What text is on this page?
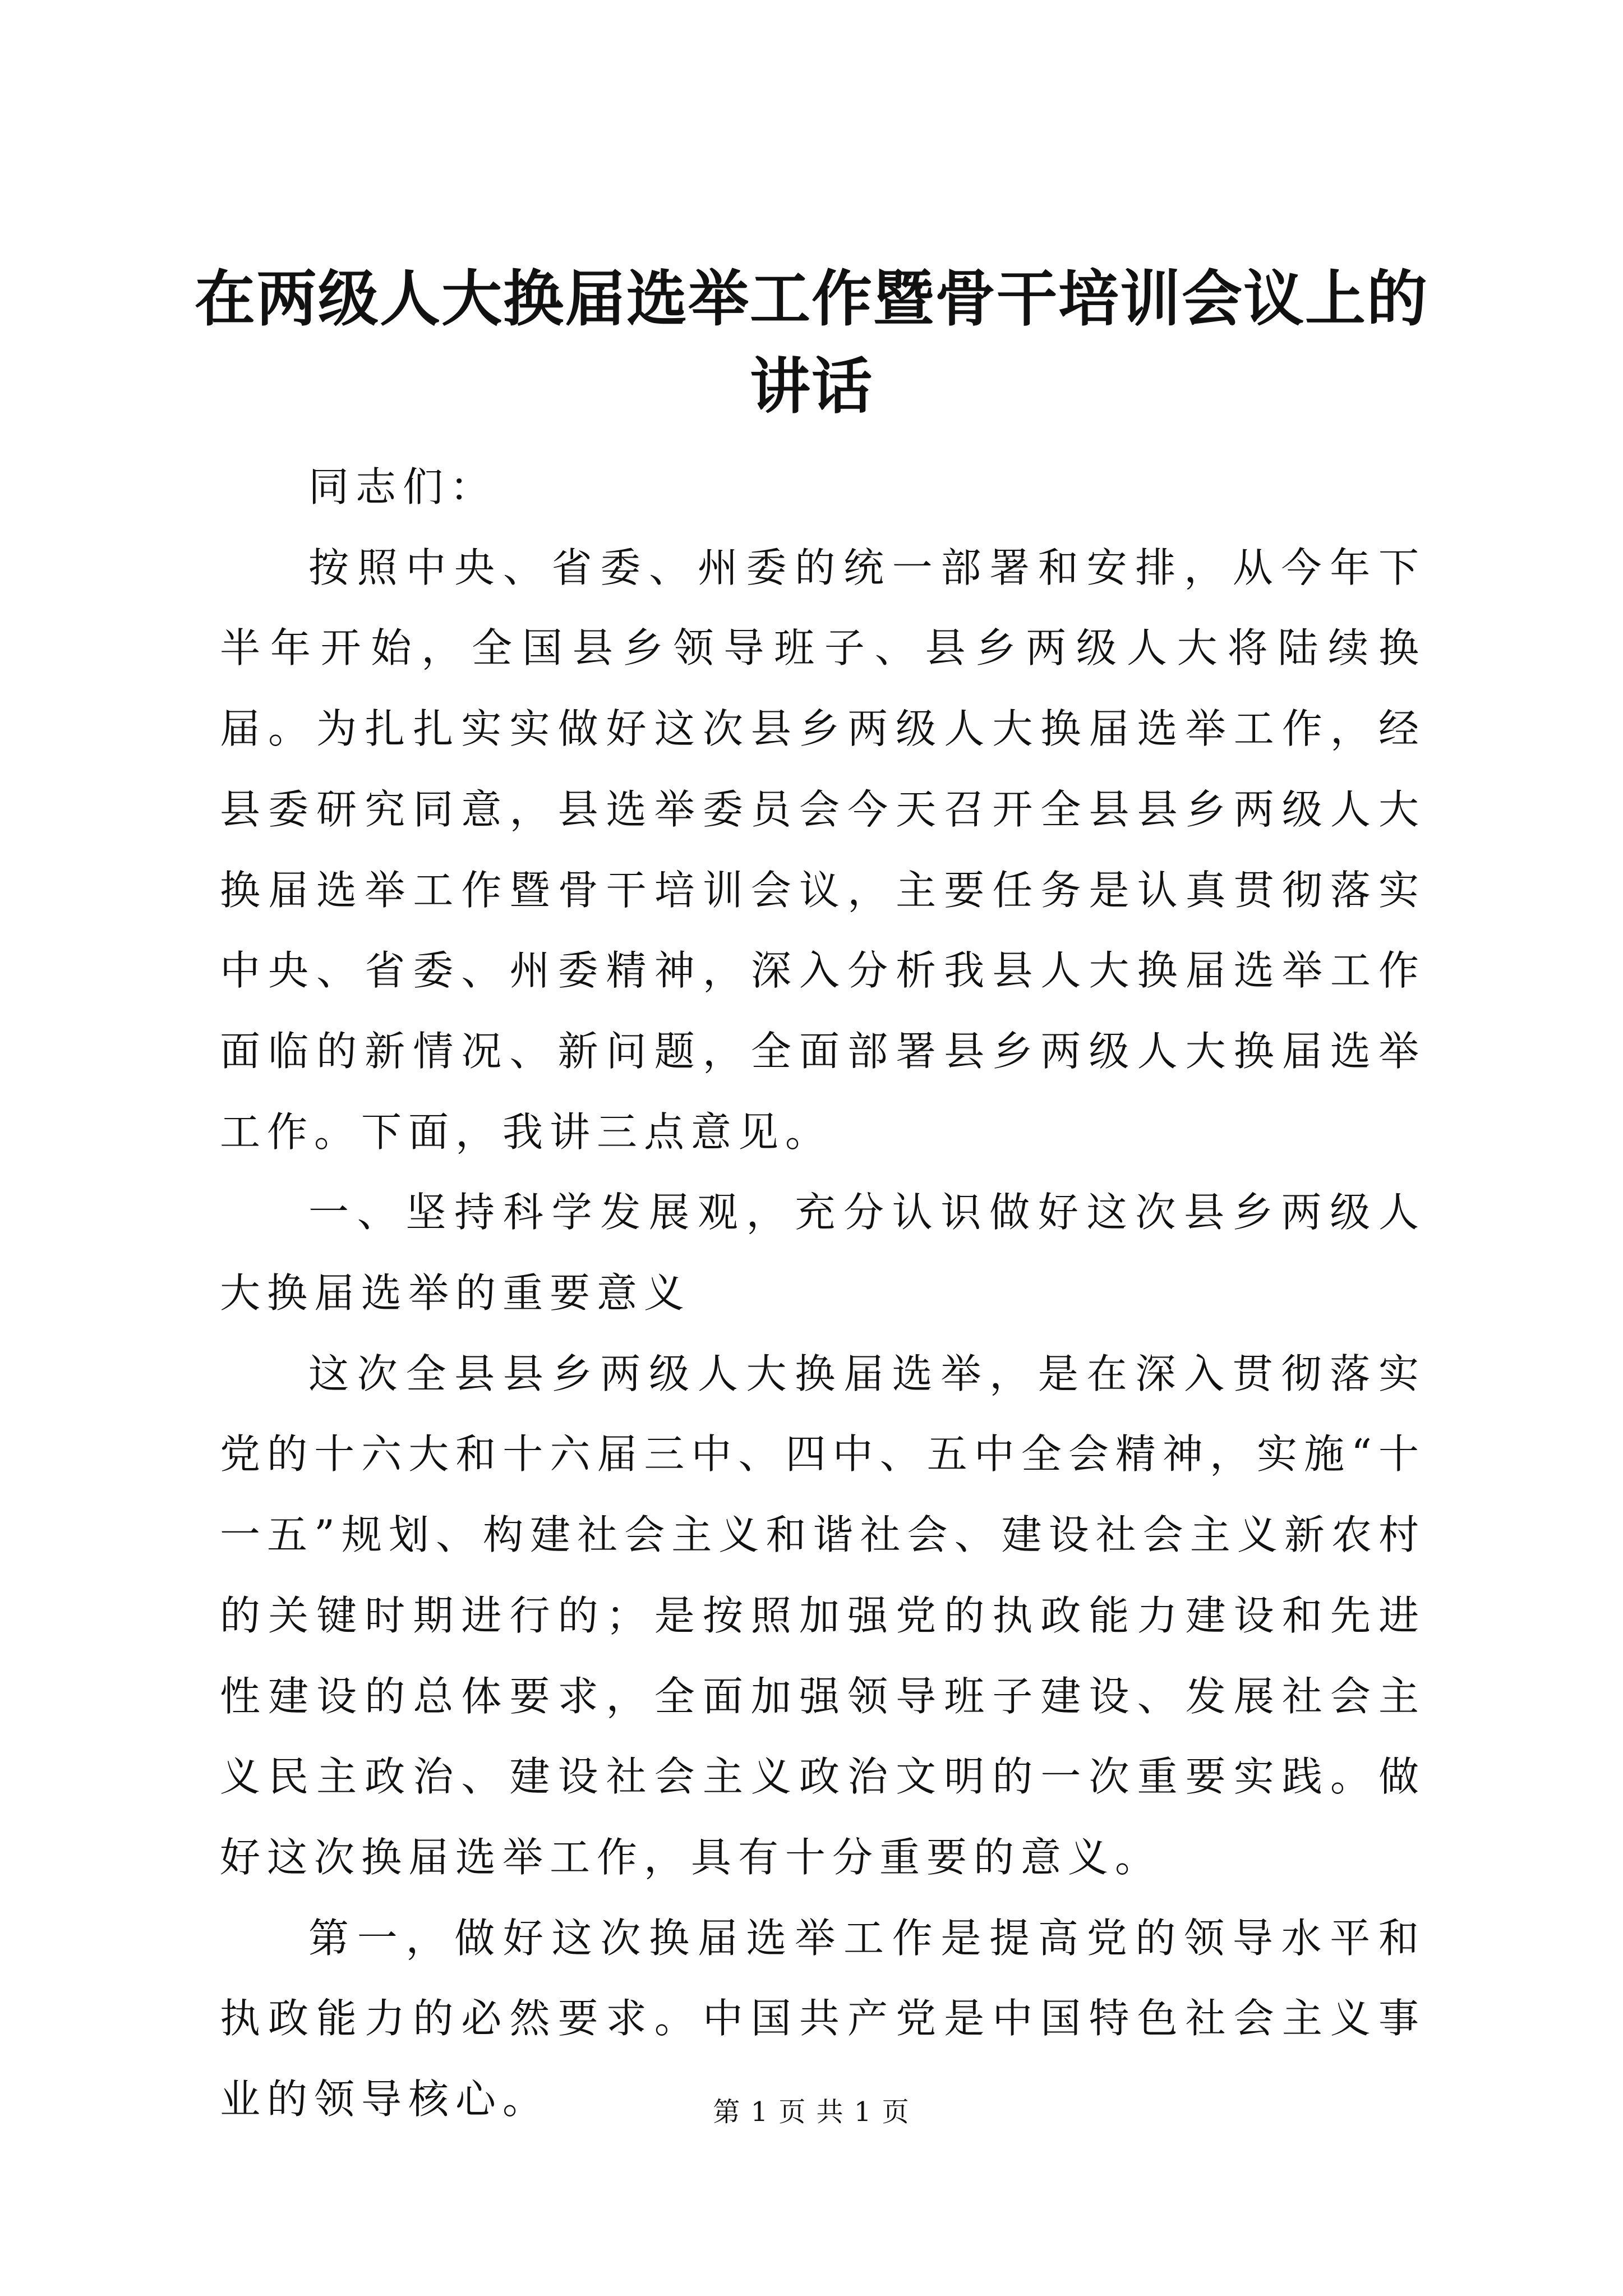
在两级人大换届选举工作暨骨干培训会议上的
讲话

同志们：

按照中央、省委、州委的统一部署和安排，从今年下半年开始，全国县乡领导班子、县乡两级人大将陆续换届。为扎扎实实做好这次县乡两级人大换届选举工作，经县委研究同意，县选举委员会今天召开全县县乡两级人大换届选举工作暨骨干培训会议，主要任务是认真贯彻落实中央、省委、州委精神，深入分析我县人大换届选举工作面临的新情况、新问题，全面部署县乡两级人大换届选举工作。下面，我讲三点意见。

一、坚持科学发展观，充分认识做好这次县乡两级人大换届选举的重要意义

这次全县县乡两级人大换届选举，是在深入贯彻落实党的十六大和十六届三中、四中、五中全会精神，实施“十一五”规划、构建社会主义和谐社会、建设社会主义新农村的关键时期进行的；是按照加强党的执政能力建设和先进性建设的总体要求，全面加强领导班子建设、发展社会主义民主政治、建设社会主义政治文明的一次重要实践。做好这次换届选举工作，具有十分重要的意义。

第一，做好这次换届选举工作是提高党的领导水平和执政能力的必然要求。中国共产党是中国特色社会主义事业的领导核心。	第 1 页 共 1 页
